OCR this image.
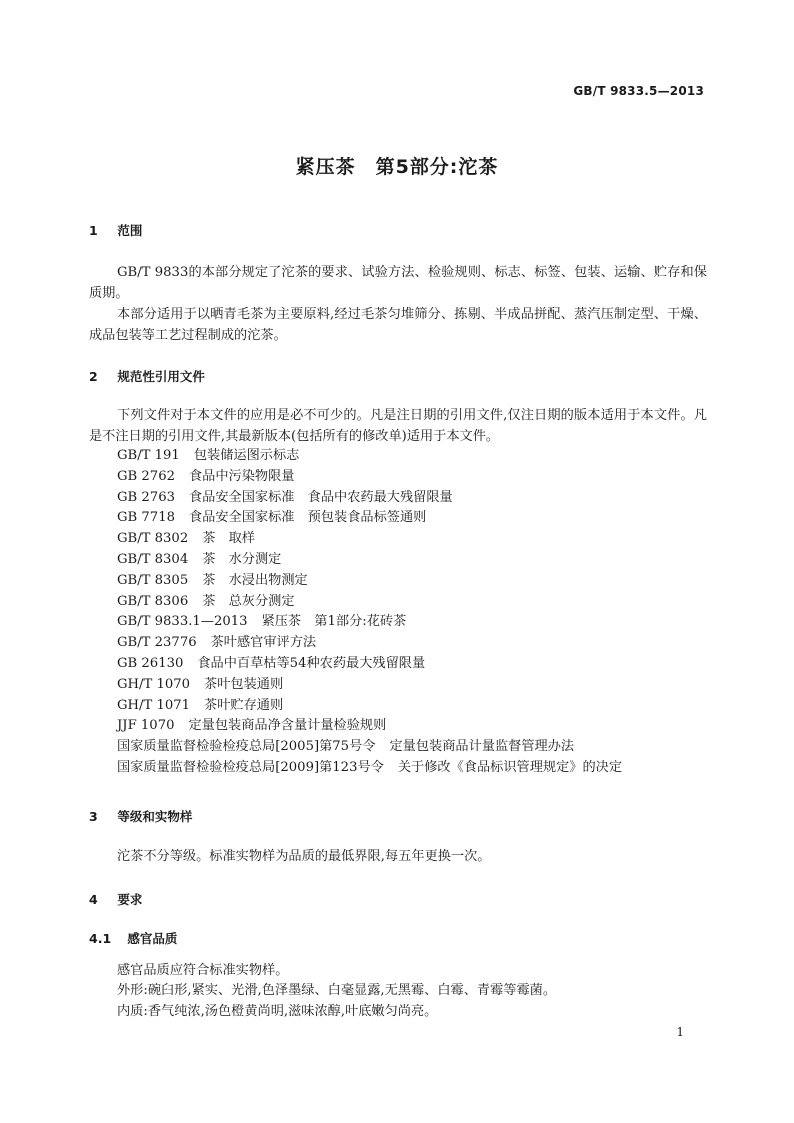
GB/T 9833.5—2013
紧压茶　第5部分:沱茶
1 范围
GB/T 9833的本部分规定了沱茶的要求、试验方法、检验规则、标志、标签、包装、运输、贮存和保质期。
本部分适用于以晒青毛茶为主要原料,经过毛茶匀堆筛分、拣剔、半成品拼配、蒸汽压制定型、干燥、成品包装等工艺过程制成的沱茶。
2 规范性引用文件
下列文件对于本文件的应用是必不可少的。凡是注日期的引用文件,仅注日期的版本适用于本文件。凡是不注日期的引用文件,其最新版本(包括所有的修改单)适用于本文件。
GB/T 191 包装储运图示标志
GB 2762 食品中污染物限量
GB 2763 食品安全国家标准　食品中农药最大残留限量
GB 7718 食品安全国家标准　预包装食品标签通则
GB/T 8302 茶　取样
GB/T 8304 茶　水分测定
GB/T 8305 茶　水浸出物测定
GB/T 8306 茶　总灰分测定
GB/T 9833.1—2013 紧压茶　第1部分:花砖茶
GB/T 23776 茶叶感官审评方法
GB 26130 食品中百草枯等54种农药最大残留限量
GH/T 1070 茶叶包装通则
GH/T 1071 茶叶贮存通则
JJF 1070 定量包装商品净含量计量检验规则
国家质量监督检验检疫总局[2005]第75号令 定量包装商品计量监督管理办法
国家质量监督检验检疫总局[2009]第123号令 关于修改《食品标识管理规定》的决定
3 等级和实物样
沱茶不分等级。标准实物样为品质的最低界限,每五年更换一次。
4 要求
4.1 感官品质
感官品质应符合标准实物样。
外形:碗臼形,紧实、光滑,色泽墨绿、白毫显露,无黑霉、白霉、青霉等霉菌。
内质:香气纯浓,汤色橙黄尚明,滋味浓醇,叶底嫩匀尚亮。
1
